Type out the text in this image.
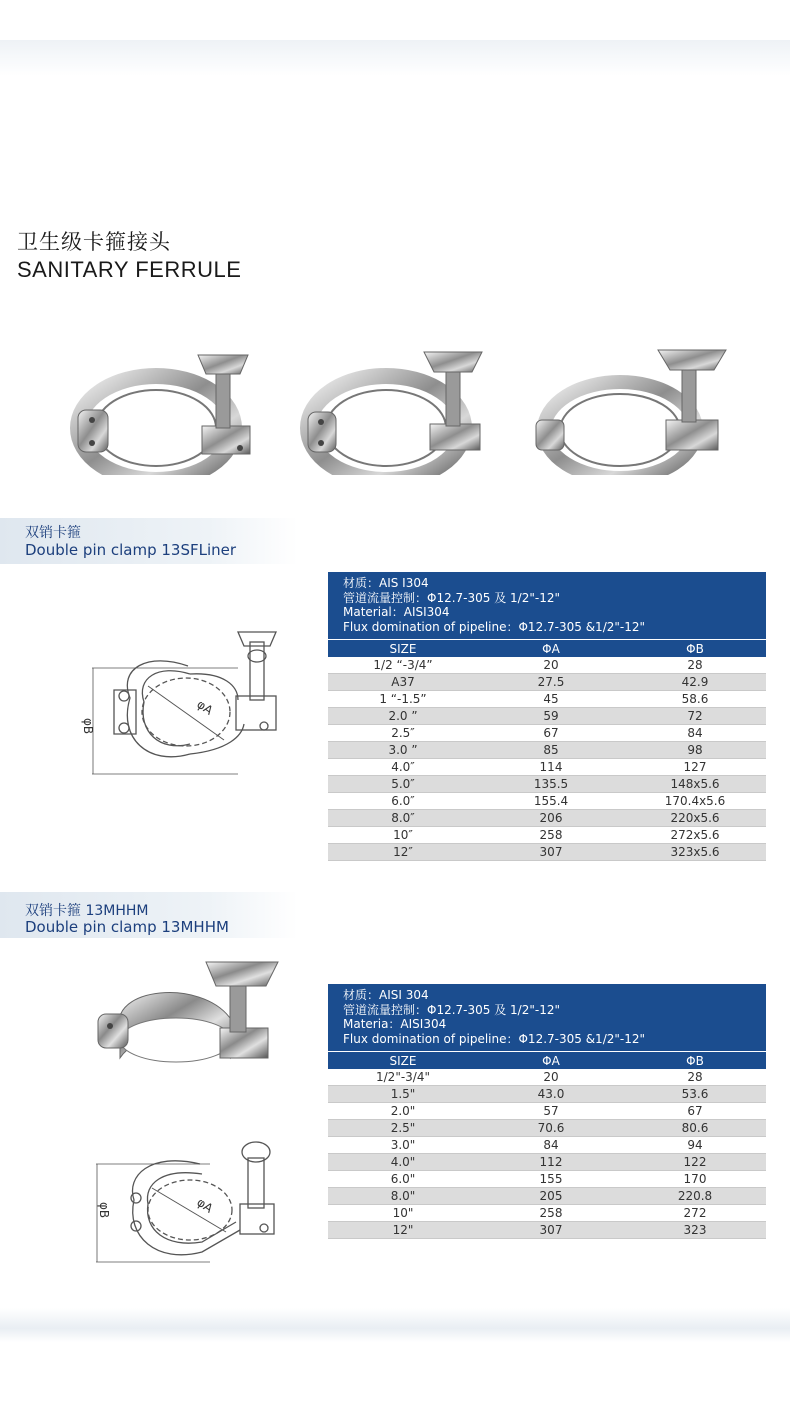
卫生级卡箍接头
SANITARY FERRULE
双销卡箍
Double pin clamp 13SFLiner
φA
φB
材质：AIS I304
管道流量控制：Φ12.7-305 及 1/2"-12"
Material：AISI304
Flux domination of pipeline：Φ12.7-305 &1/2"-12"
SIZE	ΦA	ΦB
1/2 “-3/4”	20	28
A37	27.5	42.9
1 “-1.5”	45	58.6
2.0 ”	59	72
2.5″	67	84
3.0 ”	85	98
4.0″	114	127
5.0″	135.5	148x5.6
6.0″	155.4	170.4x5.6
8.0″	206	220x5.6
10″	258	272x5.6
12″	307	323x5.6
双销卡箍 13MHHM
Double pin clamp 13MHHM
φA
φB
材质：AISI 304
管道流量控制：Φ12.7-305 及 1/2"-12"
Materia：AISI304
Flux domination of pipeline：Φ12.7-305 &1/2"-12"
SIZE	ΦA	ΦB
1/2"-3/4"	20	28
1.5"	43.0	53.6
2.0"	57	67
2.5"	70.6	80.6
3.0"	84	94
4.0"	112	122
6.0"	155	170
8.0"	205	220.8
10"	258	272
12"	307	323
